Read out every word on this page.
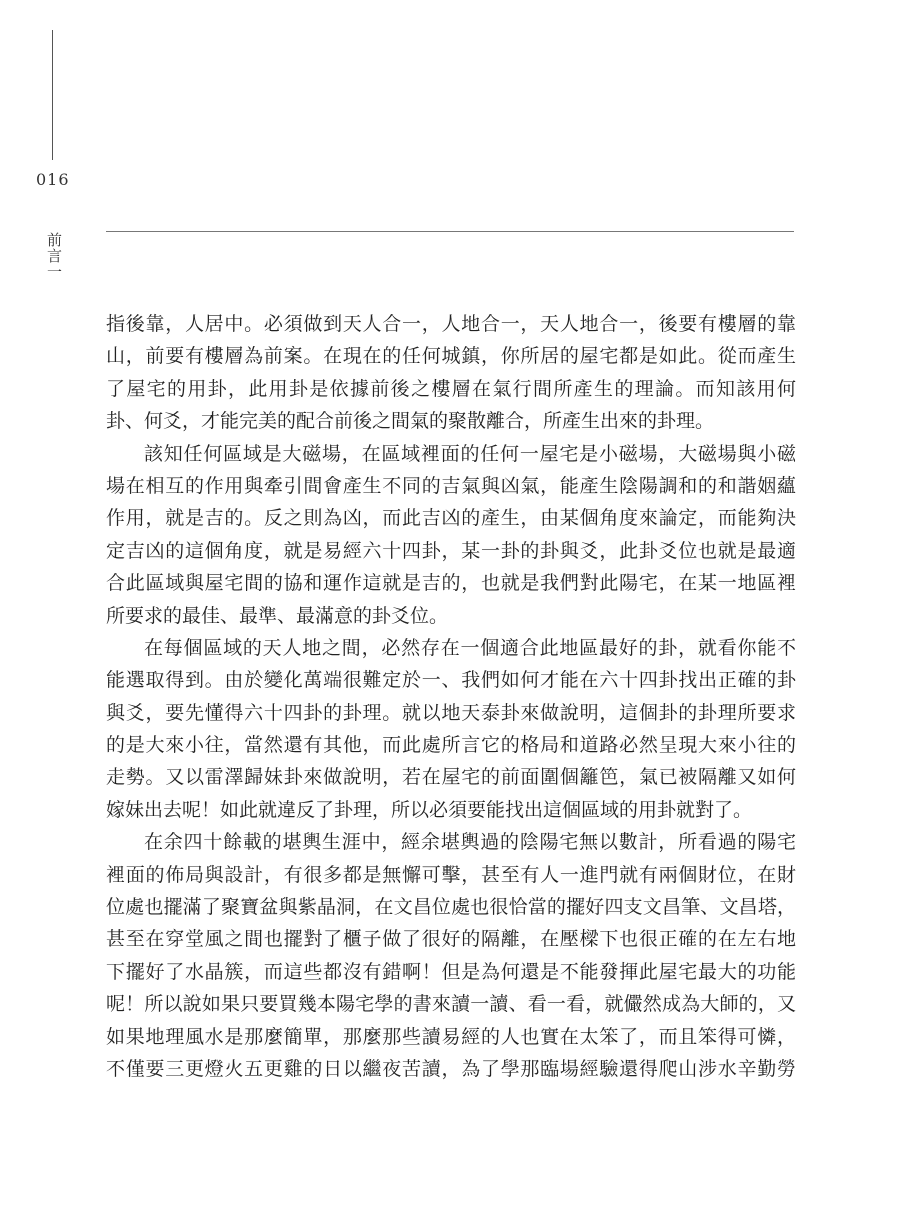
016
前言一
指後靠，人居中。必須做到天人合一，人地合一，天人地合一，後要有樓層的靠
山，前要有樓層為前案。在現在的任何城鎮，你所居的屋宅都是如此。從而產生
了屋宅的用卦，此用卦是依據前後之樓層在氣行間所產生的理論。而知該用何
卦、何爻，才能完美的配合前後之間氣的聚散離合，所產生出來的卦理。
該知任何區域是大磁場，在區域裡面的任何一屋宅是小磁場，大磁場與小磁
場在相互的作用與牽引間會產生不同的吉氣與凶氣，能產生陰陽調和的和諧姻蘊
作用，就是吉的。反之則為凶，而此吉凶的產生，由某個角度來論定，而能夠決
定吉凶的這個角度，就是易經六十四卦，某一卦的卦與爻，此卦爻位也就是最適
合此區域與屋宅間的協和運作這就是吉的，也就是我們對此陽宅，在某一地區裡
所要求的最佳、最準、最滿意的卦爻位。
在每個區域的天人地之間，必然存在一個適合此地區最好的卦，就看你能不
能選取得到。由於變化萬端很難定於一、我們如何才能在六十四卦找出正確的卦
與爻，要先懂得六十四卦的卦理。就以地天泰卦來做說明，這個卦的卦理所要求
的是大來小往，當然還有其他，而此處所言它的格局和道路必然呈現大來小往的
走勢。又以雷澤歸妹卦來做說明，若在屋宅的前面圍個籬笆，氣已被隔離又如何
嫁妹出去呢！如此就違反了卦理，所以必須要能找出這個區域的用卦就對了。
在余四十餘載的堪輿生涯中，經余堪輿過的陰陽宅無以數計，所看過的陽宅
裡面的佈局與設計，有很多都是無懈可擊，甚至有人一進門就有兩個財位，在財
位處也擺滿了聚寶盆與紫晶洞，在文昌位處也很恰當的擺好四支文昌筆、文昌塔，
甚至在穿堂風之間也擺對了櫃子做了很好的隔離，在壓樑下也很正確的在左右地
下擺好了水晶簇，而這些都沒有錯啊！但是為何還是不能發揮此屋宅最大的功能
呢！所以說如果只要買幾本陽宅學的書來讀一讀、看一看，就儼然成為大師的，又
如果地理風水是那麼簡單，那麼那些讀易經的人也實在太笨了，而且笨得可憐，
不僅要三更燈火五更雞的日以繼夜苦讀，為了學那臨場經驗還得爬山涉水辛勤勞
